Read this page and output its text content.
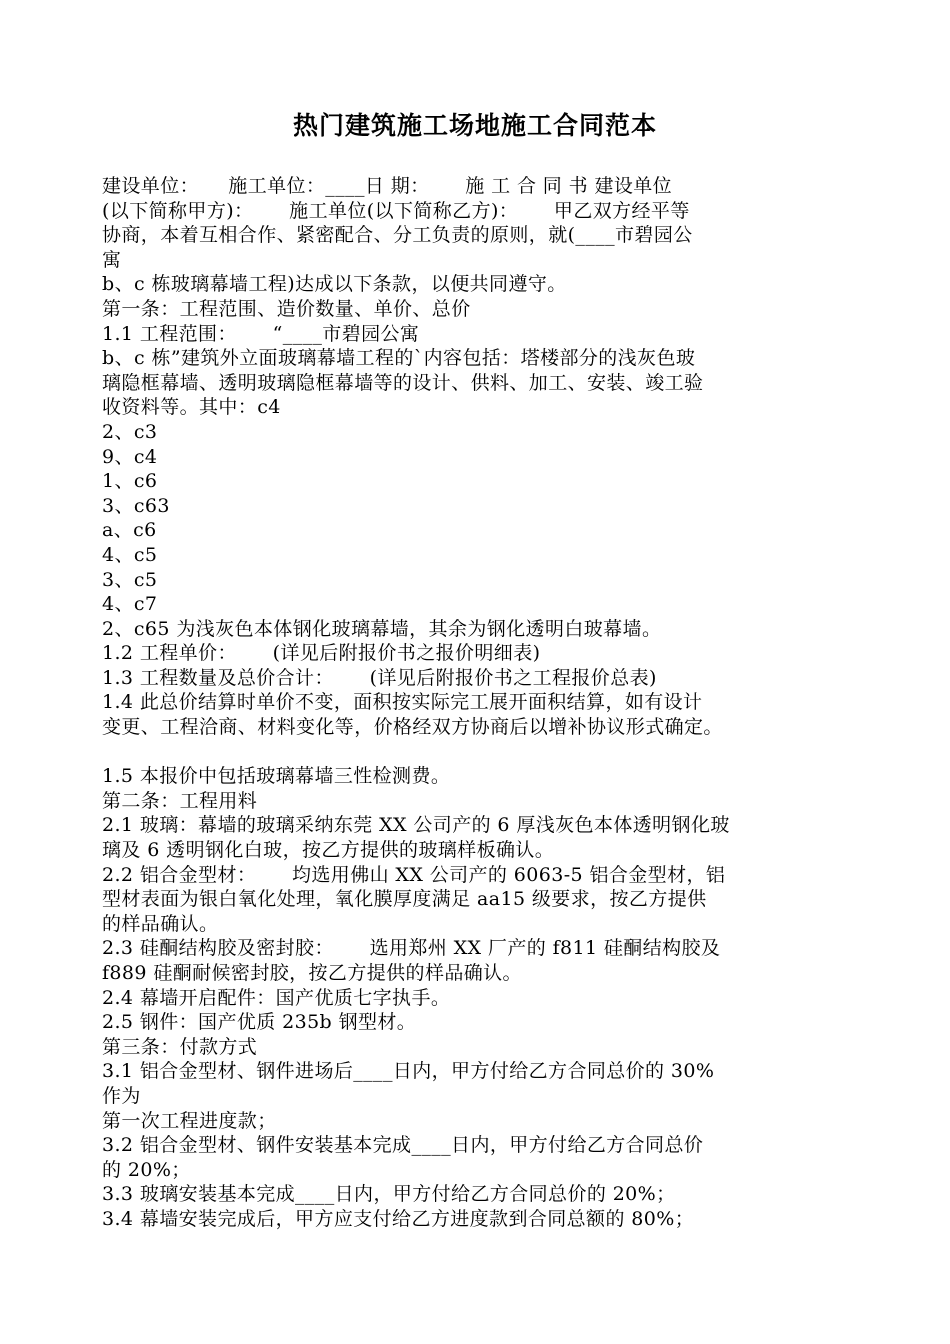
热门建筑施工场地施工合同范本
建设单位：　　施工单位：____日 期：　　 施 工 合 同 书 建设单位
(以下简称甲方)：　　 施工单位(以下简称乙方)：　　 甲乙双方经平等
协商，本着互相合作、紧密配合、分工负责的原则，就(____市碧园公
寓
b、c 栋玻璃幕墙工程)达成以下条款，以便共同遵守。
第一条：工程范围、造价数量、单价、总价
1.1 工程范围：　　 “____市碧园公寓
b、c 栋”建筑外立面玻璃幕墙工程的`内容包括：塔楼部分的浅灰色玻
璃隐框幕墙、透明玻璃隐框幕墙等的设计、供料、加工、安装、竣工验
收资料等。其中：c4
2、c3
9、c4
1、c6
3、c63
a、c6
4、c5
3、c5
4、c7
2、c65 为浅灰色本体钢化玻璃幕墙，其余为钢化透明白玻幕墙。
1.2 工程单价：　　 (详见后附报价书之报价明细表)
1.3 工程数量及总价合计：　　 (详见后附报价书之工程报价总表)
1.4 此总价结算时单价不变，面积按实际完工展开面积结算，如有设计
变更、工程洽商、材料变化等，价格经双方协商后以增补协议形式确定。
1.5 本报价中包括玻璃幕墙三性检测费。
第二条：工程用料
2.1 玻璃：幕墙的玻璃采纳东莞 XX 公司产的 6 厚浅灰色本体透明钢化玻
璃及 6 透明钢化白玻，按乙方提供的玻璃样板确认。
2.2 铝合金型材：　　 均选用佛山 XX 公司产的 6063-5 铝合金型材，铝
型材表面为银白氧化处理，氧化膜厚度满足 aa15 级要求，按乙方提供
的样品确认。
2.3 硅酮结构胶及密封胶：　　 选用郑州 XX 厂产的 f811 硅酮结构胶及
f889 硅酮耐候密封胶，按乙方提供的样品确认。
2.4 幕墙开启配件：国产优质七字执手。
2.5 钢件：国产优质 235b 钢型材。
第三条：付款方式
3.1 铝合金型材、钢件进场后____日内，甲方付给乙方合同总价的 30%
作为
第一次工程进度款；
3.2 铝合金型材、钢件安装基本完成____日内，甲方付给乙方合同总价
的 20%；
3.3 玻璃安装基本完成____日内，甲方付给乙方合同总价的 20%；
3.4 幕墙安装完成后，甲方应支付给乙方进度款到合同总额的 80%；
